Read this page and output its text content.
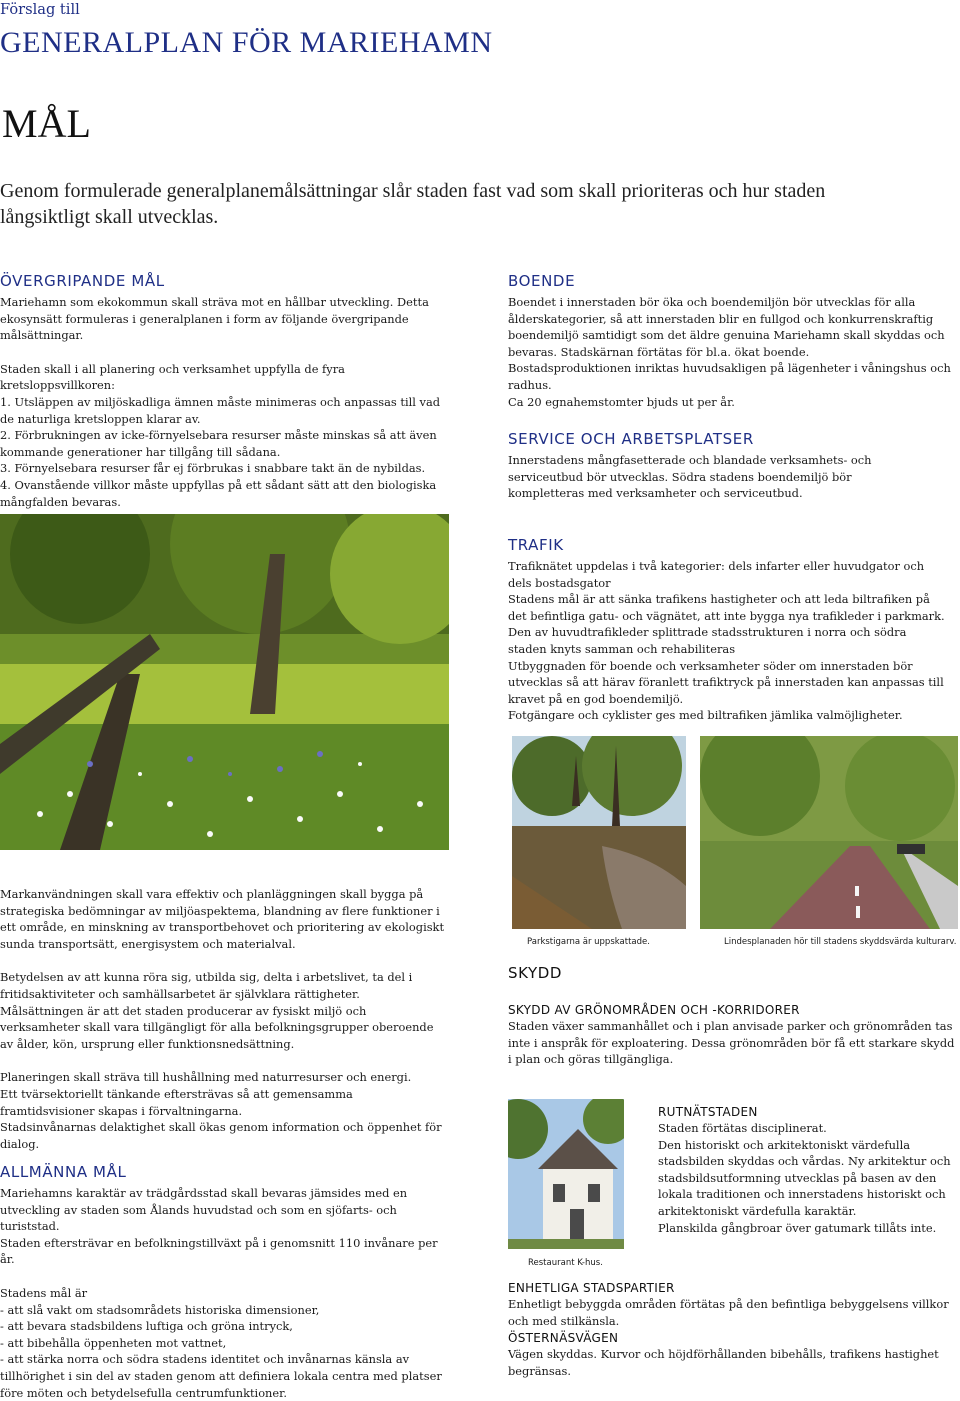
Förslag till
GENERALPLAN FÖR MARIEHAMN
MÅL
Genom formulerade generalplanemålsättningar slår staden fast vad som skall prioriteras och hur staden långsiktligt skall utvecklas.
ÖVERGRIPANDE MÅL

Mariehamn som ekokommun skall sträva mot en hållbar utveckling. Detta ekosynsätt formuleras i generalplanen i form av följande övergripande målsättningar.

Staden skall i all planering och verksamhet uppfylla de fyra kretsloppsvillkoren:

1. Utsläppen av miljöskadliga ämnen måste minimeras och anpassas till vad de naturliga kretsloppen klarar av.

2. Förbrukningen av icke-förnyelsebara resurser måste minskas så att även kommande generationer har tillgång till sådana.

3. Förnyelsebara resurser får ej förbrukas i snabbare takt än de nybildas.

4. Ovanstående villkor måste uppfyllas på ett sådant sätt att den biologiska mångfalden bevaras.

BOENDE

Boendet i innerstaden bör öka och boendemiljön bör utvecklas för alla ålderskategorier, så att innerstaden blir en fullgod och konkurrenskraftig boendemiljö samtidigt som det äldre genuina Mariehamn skall skyddas och bevaras. Stadskärnan förtätas för bl.a. ökat boende.

Bostadsproduktionen inriktas huvudsakligen på lägenheter i våningshus och radhus.

Ca 20 egnahemstomter bjuds ut per år.

SERVICE OCH ARBETSPLATSER

Innerstadens mångfasetterade och blandade verksamhets- och serviceutbud bör utvecklas. Södra stadens boendemiljö bör kompletteras med verksamheter och serviceutbud.

TRAFIK

Trafiknätet uppdelas i två kategorier: dels infarter eller huvudgator och dels bostadsgator

Stadens mål är att sänka trafikens hastigheter och att leda biltrafiken på det befintliga gatu- och vägnätet, att inte bygga nya trafikleder i parkmark. Den av huvudtrafikleder splittrade stadsstrukturen i norra och södra staden knyts samman och rehabiliteras

Utbyggnaden för boende och verksamheter söder om innerstaden bör utvecklas så att härav föranlett trafiktryck på innerstaden kan anpassas till kravet på en god boendemiljö.

Fotgängare och cyklister ges med biltrafiken jämlika valmöjligheter.

Parkstigarna är uppskattade.	Lindesplanaden hör till stadens skyddsvärda kulturarv.

Markanvändningen skall vara effektiv och planläggningen skall bygga på strategiska bedömningar av miljöaspektema, blandning av flere funktioner i ett område, en minskning av transportbehovet och prioritering av ekologiskt sunda transportsätt, energisystem och materialval.

Betydelsen av att kunna röra sig, utbilda sig, delta i arbetslivet, ta del i fritidsaktiviteter och samhällsarbetet är självklara rättigheter. Målsättningen är att det staden producerar av fysiskt miljö och verksamheter skall vara tillgängligt för alla befolkningsgrupper oberoende av ålder, kön, ursprung eller funktionsnedsättning.

Planeringen skall sträva till hushållning med naturresurser och energi.

Ett tvärsektoriellt tänkande eftersträvas så att gemensamma framtidsvisioner skapas i förvaltningarna.

Stadsinvånarnas delaktighet skall ökas genom information och öppenhet för dialog.

SKYDD
SKYDD AV GRÖNOMRÅDEN OCH -KORRIDORER

Staden växer sammanhållet och i plan anvisade parker och grönområden tas inte i anspråk för exploatering. Dessa grönområden bör få ett starkare skydd i plan och göras tillgängliga.

Restaurant K-hus.
RUTNÄTSTADEN

Staden förtätas disciplinerat.

Den historiskt och arkitektoniskt värdefulla stadsbilden skyddas och vårdas. Ny arkitektur och stadsbildsutformning utvecklas på basen av den lokala traditionen och innerstadens historiskt och arkitektoniskt värdefulla karaktär.

Planskilda gångbroar över gatumark tillåts inte.

ALLMÄNNA MÅL

Mariehamns karaktär av trädgårdsstad skall bevaras jämsides med en utveckling av staden som Ålands huvudstad och som en sjöfarts- och turiststad.

Staden eftersträvar en befolkningstillväxt på i genomsnitt 110 invånare per år.

Stadens mål är

- att slå vakt om stadsområdets historiska dimensioner,

- att bevara stadsbildens luftiga och gröna intryck,

- att bibehålla öppenheten mot vattnet,

- att stärka norra och södra stadens identitet och invånarnas känsla av tillhörighet i sin del av staden genom att definiera lokala centra med platser före möten och betydelsefulla centrumfunktioner.

ENHETLIGA STADSPARTIER

Enhetligt bebyggda områden förtätas på den befintliga bebyggelsens villkor och med stilkänsla.

ÖSTERNÄSVÄGEN

Vägen skyddas. Kurvor och höjdförhållanden bibehålls, trafikens hastighet begränsas.
